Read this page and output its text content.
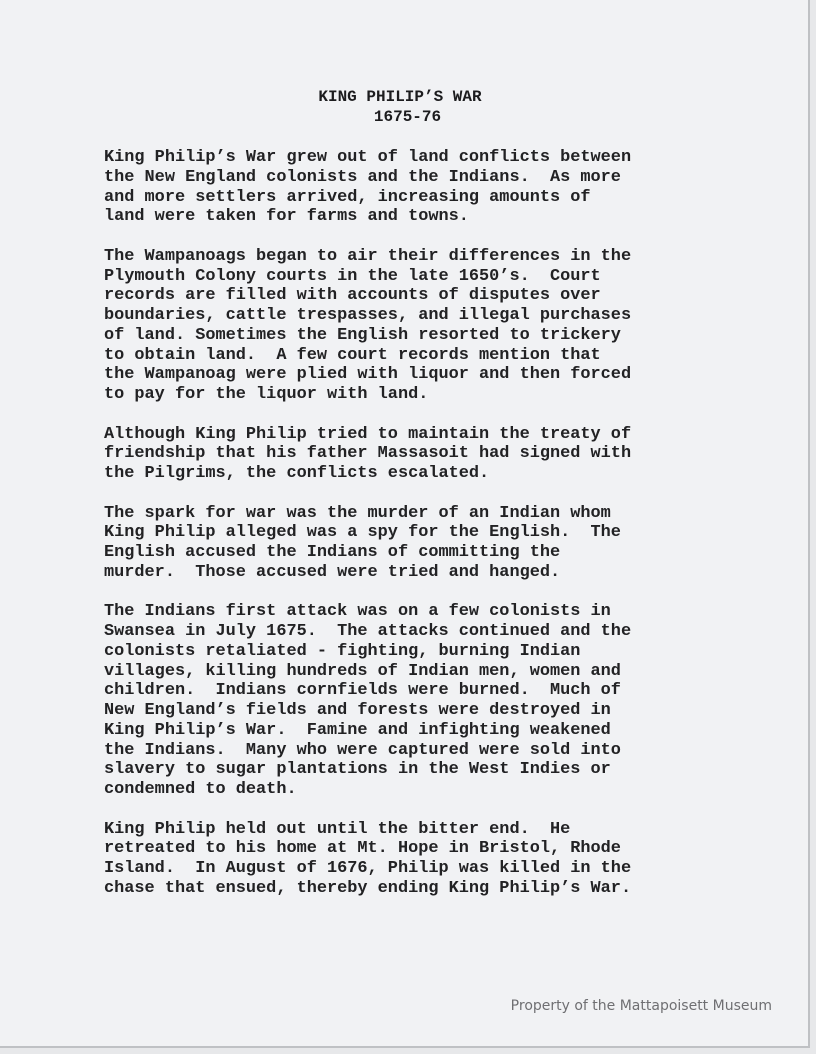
KING PHILIP’S WAR
1675-76
King Philip’s War grew out of land conflicts between
the New England colonists and the Indians.  As more
and more settlers arrived, increasing amounts of
land were taken for farms and towns.
The Wampanoags began to air their differences in the
Plymouth Colony courts in the late 1650’s.  Court
records are filled with accounts of disputes over
boundaries, cattle trespasses, and illegal purchases
of land. Sometimes the English resorted to trickery
to obtain land.  A few court records mention that
the Wampanoag were plied with liquor and then forced
to pay for the liquor with land.
Although King Philip tried to maintain the treaty of
friendship that his father Massasoit had signed with
the Pilgrims, the conflicts escalated.
The spark for war was the murder of an Indian whom
King Philip alleged was a spy for the English.  The
English accused the Indians of committing the
murder.  Those accused were tried and hanged.
The Indians first attack was on a few colonists in
Swansea in July 1675.  The attacks continued and the
colonists retaliated - fighting, burning Indian
villages, killing hundreds of Indian men, women and
children.  Indians cornfields were burned.  Much of
New England’s fields and forests were destroyed in
King Philip’s War.  Famine and infighting weakened
the Indians.  Many who were captured were sold into
slavery to sugar plantations in the West Indies or
condemned to death.
King Philip held out until the bitter end.  He
retreated to his home at Mt. Hope in Bristol, Rhode
Island.  In August of 1676, Philip was killed in the
chase that ensued, thereby ending King Philip’s War.
Property of the Mattapoisett Museum
